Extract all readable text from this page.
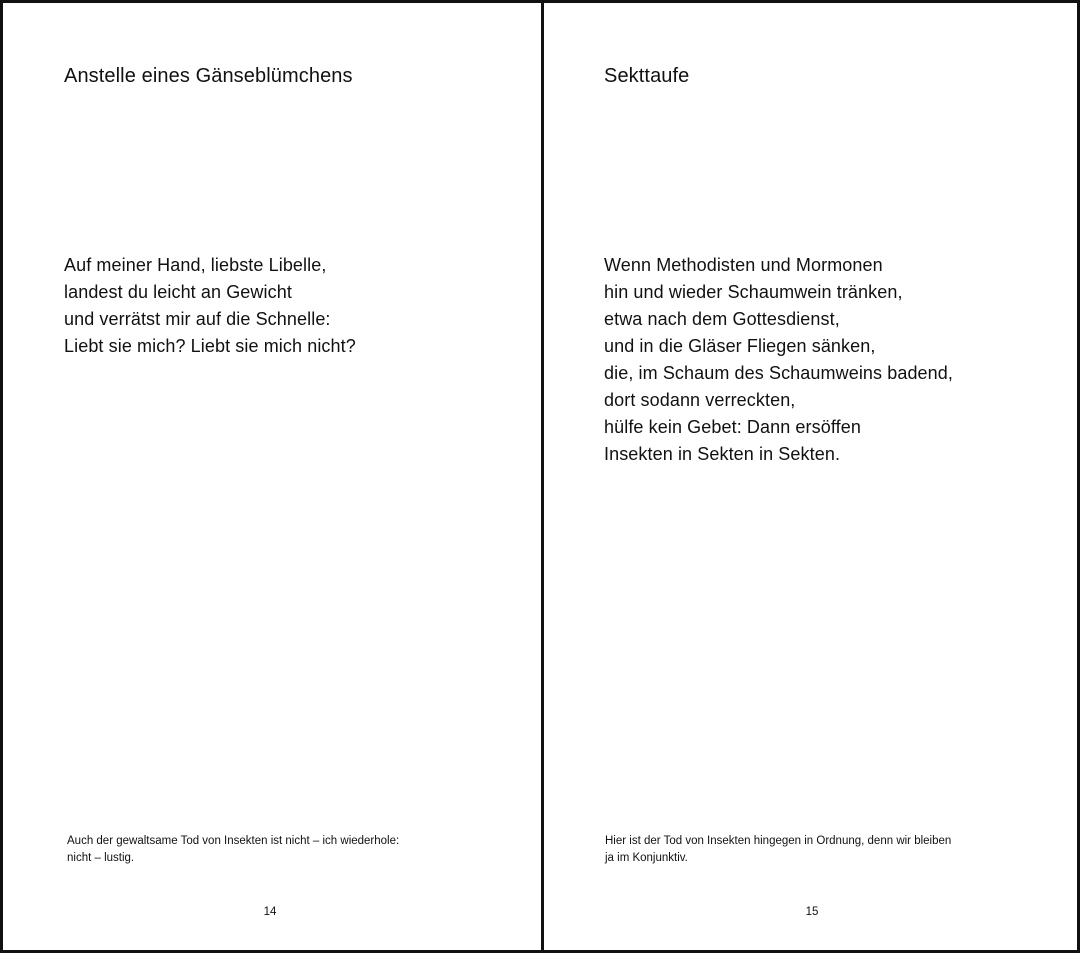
Anstelle eines Gänseblümchens
Auf meiner Hand, liebste Libelle,
landest du leicht an Gewicht
und verrätst mir auf die Schnelle:
Liebt sie mich? Liebt sie mich nicht?

Auch der gewaltsame Tod von Insekten ist nicht – ich wiederhole:
nicht – lustig.

14
Sekttaufe
Wenn Methodisten und Mormonen
hin und wieder Schaumwein tränken,
etwa nach dem Gottesdienst,
und in die Gläser Fliegen sänken,
die, im Schaum des Schaumweins badend,
dort sodann verreckten,
hülfe kein Gebet: Dann ersöffen
Insekten in Sekten in Sekten.

Hier ist der Tod von Insekten hingegen in Ordnung, denn wir bleiben
ja im Konjunktiv.

15
